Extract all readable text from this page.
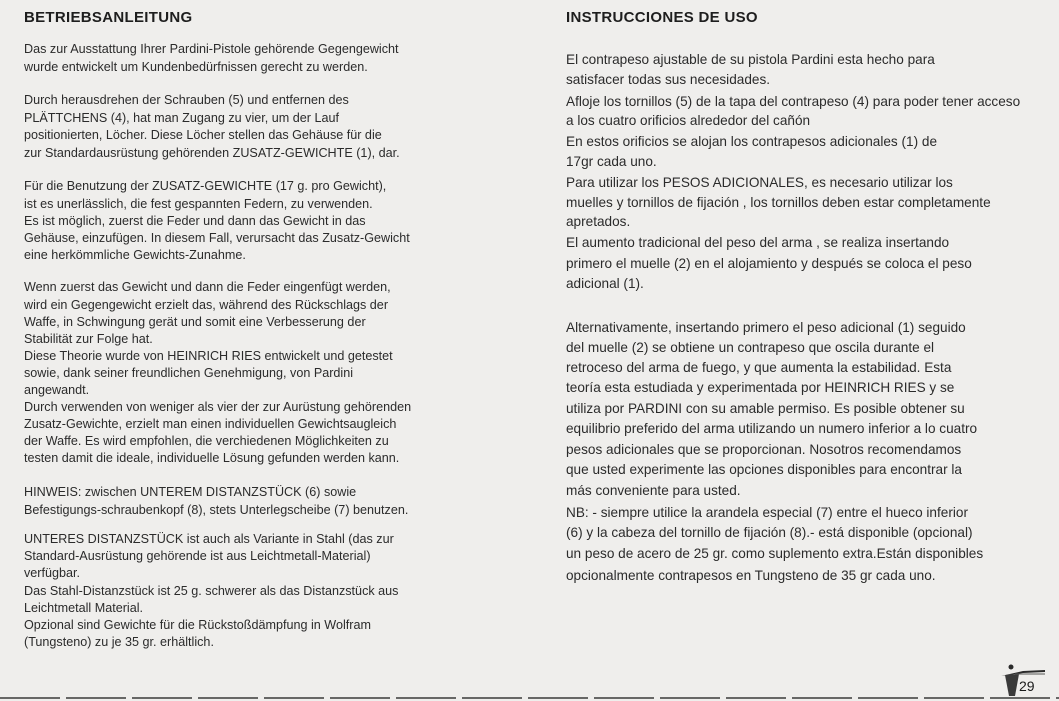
BETRIEBSANLEITUNG
Das zur Ausstattung Ihrer Pardini-Pistole gehörende Gegengewicht
wurde entwickelt um Kundenbedürfnissen gerecht zu werden.
Durch herausdrehen der Schrauben (5) und entfernen des
PLÄTTCHENS (4), hat man Zugang zu vier, um der Lauf
positionierten, Löcher. Diese Löcher stellen das Gehäuse für die
zur Standardausrüstung gehörenden ZUSATZ-GEWICHTE (1), dar.
Für die Benutzung der ZUSATZ-GEWICHTE (17 g. pro Gewicht),
ist es unerlässlich, die fest gespannten Federn, zu verwenden.
Es ist möglich, zuerst die Feder und dann das Gewicht in das
Gehäuse, einzufügen. In diesem Fall, verursacht das Zusatz-Gewicht
eine herkömmliche Gewichts-Zunahme.
Wenn zuerst das Gewicht und dann die Feder eingenfügt werden,
wird ein Gegengewicht erzielt das, während des Rückschlags der
Waffe, in Schwingung gerät und somit eine Verbesserung der
Stabilität zur Folge hat.
Diese Theorie wurde von HEINRICH RIES entwickelt und getestet
sowie, dank seiner freundlichen Genehmigung, von Pardini
angewandt.
Durch verwenden von weniger als vier der zur Aurüstung gehörenden
Zusatz-Gewichte, erzielt man einen individuellen Gewichtsaugleich
der Waffe. Es wird empfohlen, die verchiedenen Möglichkeiten zu
testen damit die ideale, individuelle Lösung gefunden werden kann.
HINWEIS: zwischen UNTEREM DISTANZSTÜCK (6) sowie
Befestigungs-schraubenkopf (8), stets Unterlegscheibe (7) benutzen.
UNTERES DISTANZSTÜCK ist auch als Variante in Stahl (das zur
Standard-Ausrüstung gehörende ist aus Leichtmetall-Material)
verfügbar.
Das Stahl-Distanzstück ist 25 g. schwerer als das Distanzstück aus
Leichtmetall Material.
Opzional sind Gewichte für die Rückstoßdämpfung in Wolfram
(Tungsteno) zu je 35 gr. erhältlich.
INSTRUCCIONES DE USO
El contrapeso ajustable de su pistola Pardini esta hecho para
satisfacer todas sus necesidades.
Afloje los tornillos (5) de la tapa del contrapeso (4) para poder tener acceso
a los cuatro orificios alrededor del cañón
En estos orificios se alojan los contrapesos adicionales (1) de
17gr cada uno.
Para utilizar los PESOS ADICIONALES, es necesario utilizar los
muelles y tornillos de fijación , los tornillos deben estar completamente
apretados.
El aumento tradicional del peso del arma , se realiza insertando
primero el muelle (2) en el alojamiento y después se coloca el peso
adicional (1).
Alternativamente, insertando primero el peso adicional (1) seguido
del muelle (2) se obtiene un contrapeso que oscila durante el
retroceso del arma de fuego, y que aumenta la estabilidad. Esta
teoría esta estudiada y experimentada por HEINRICH RIES y se
utiliza por PARDINI con su amable permiso. Es posible obtener su
equilibrio preferido del arma utilizando un numero inferior a lo cuatro
pesos adicionales que se proporcionan. Nosotros recomendamos
que usted experimente las opciones disponibles para encontrar la
más conveniente para usted.
NB: - siempre utilice la arandela especial (7) entre el hueco inferior
(6) y la cabeza del tornillo de fijación (8).- está disponible (opcional)
un peso de acero de 25 gr. como suplemento extra.Están disponibles
opcionalmente contrapesos en Tungsteno de 35 gr cada uno.
29
